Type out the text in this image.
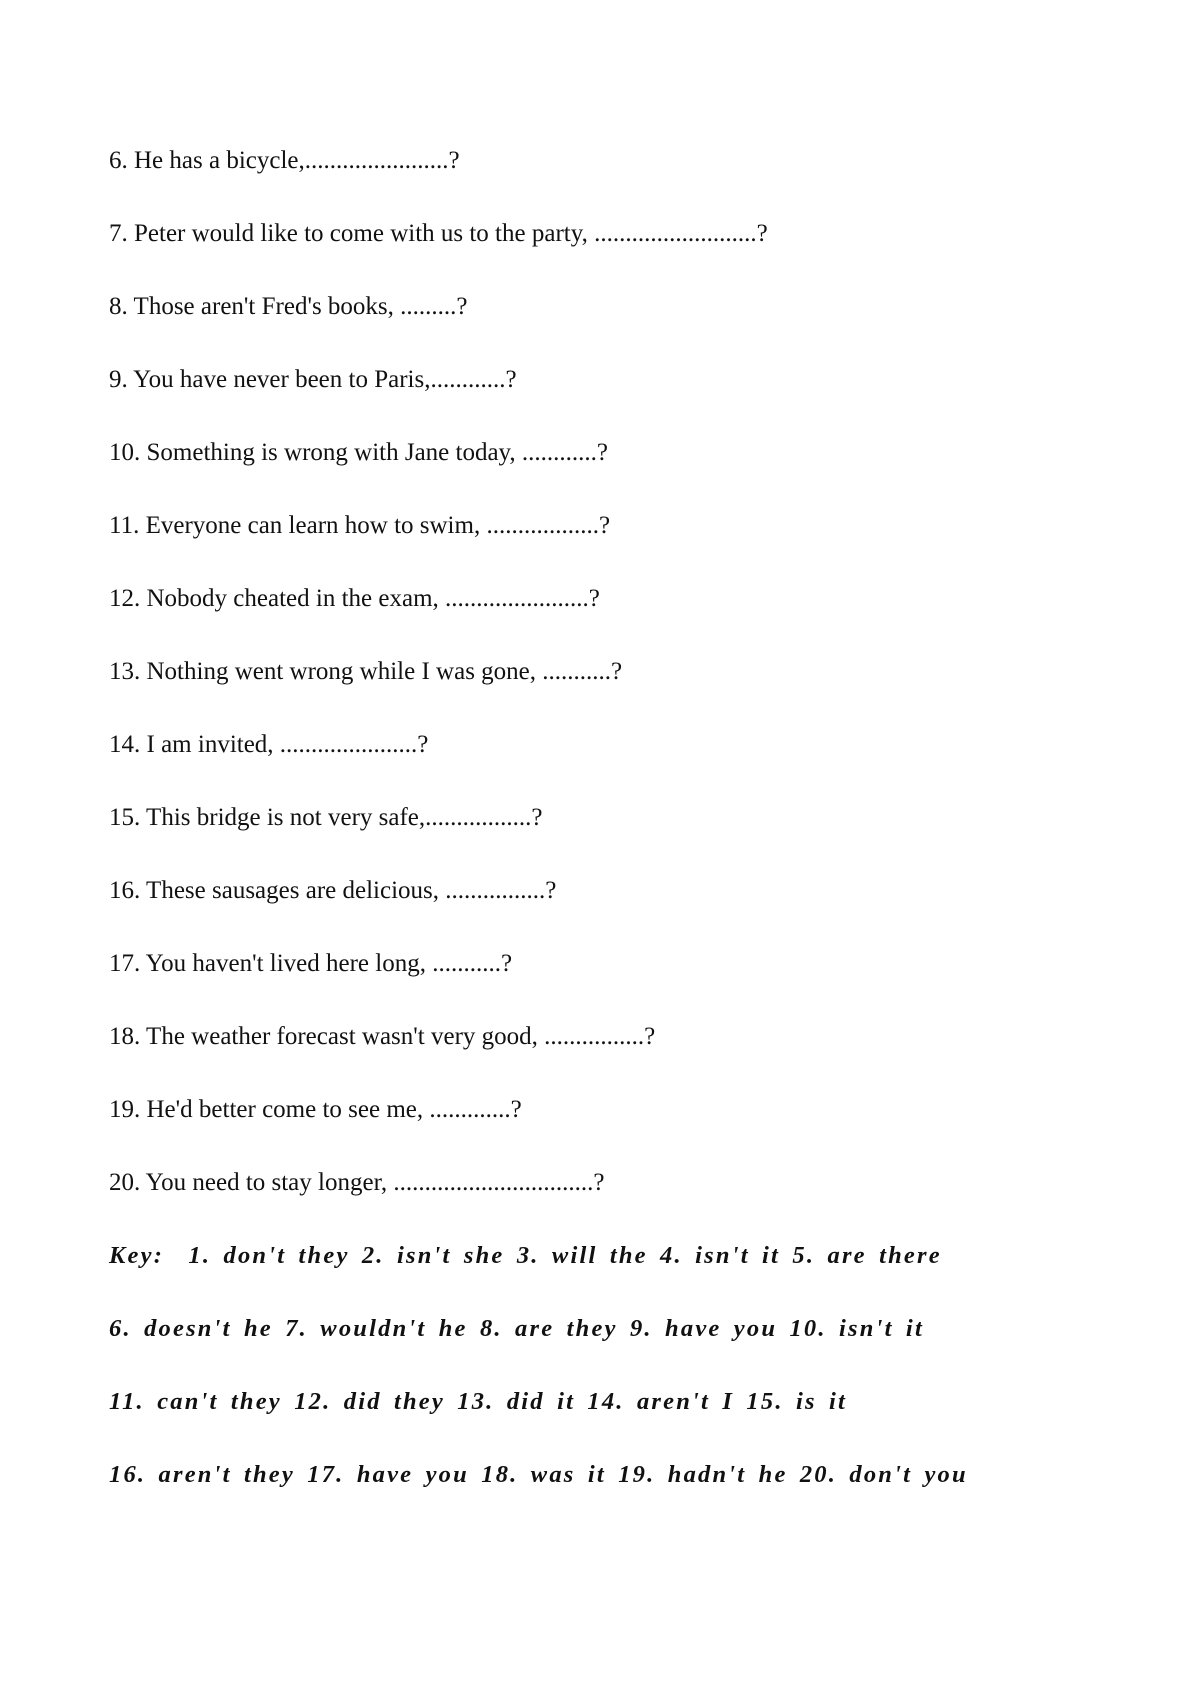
6. He has a bicycle,.......................?
7. Peter would like to come with us to the party, ..........................?
8. Those aren't Fred's books, .........?
9. You have never been to Paris,............?
10. Something is wrong with Jane today, ............?
11. Everyone can learn how to swim, ..................?
12. Nobody cheated in the exam, .......................?
13. Nothing went wrong while I was gone, ...........?
14. I am invited, ......................?
15. This bridge is not very safe,.................?
16. These sausages are delicious, ................?
17. You haven't lived here long, ...........?
18. The weather forecast wasn't very good, ................?
19. He'd better come to see me, .............?
20. You need to stay longer, ................................?
Key: 1. don't they 2. isn't she 3. will the 4. isn't it 5. are there
6. doesn't he 7. wouldn't he 8. are they 9. have you 10. isn't it
11. can't they 12. did they 13. did it 14. aren't I 15. is it
16. aren't they 17. have you 18. was it 19. hadn't he 20. don't you
